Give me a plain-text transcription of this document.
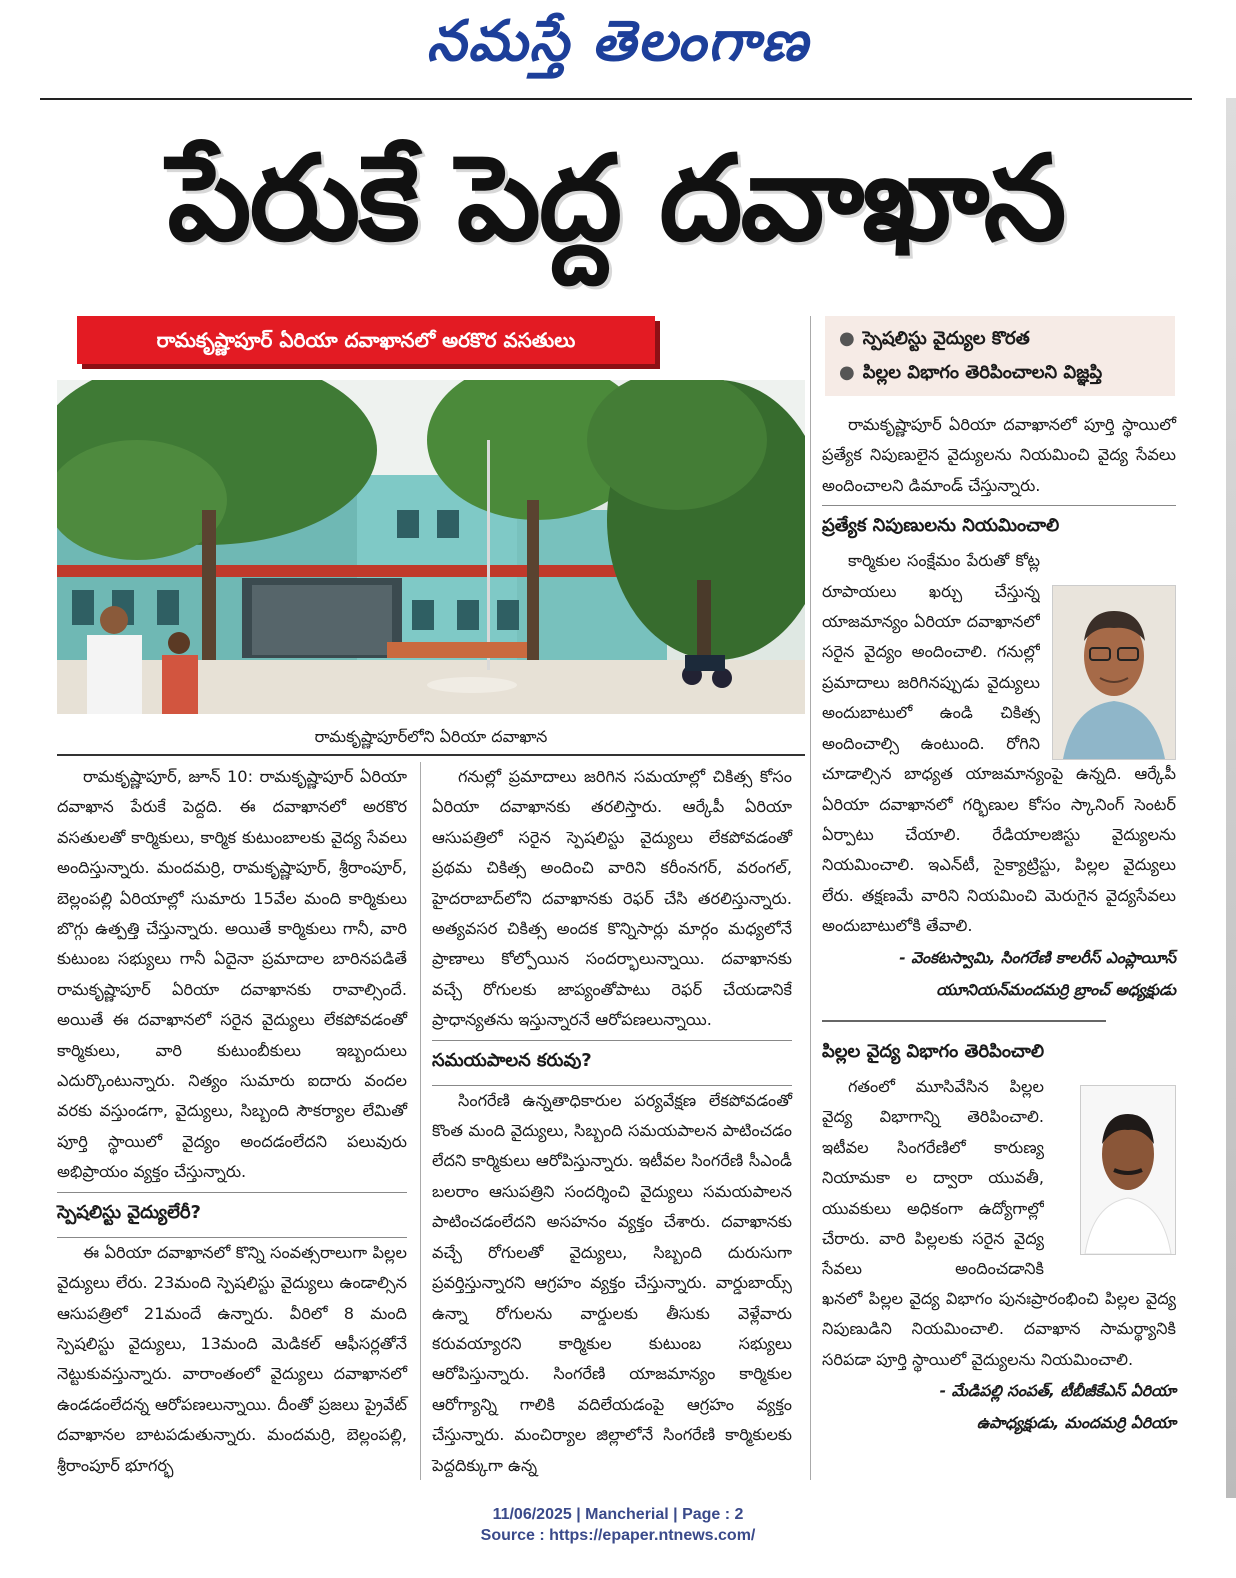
నమస్తే తెలంగాణ
పేరుకే పెద్ద దవాఖాన
రామకృష్ణాపూర్ ఏరియా దవాఖానలో అరకొర వసతులు	● స్పెషలిస్టు వైద్యుల కొరత
● పిల్లల విభాగం తెరిపించాలని విజ్ఞప్తి
రామకృష్ణాపూర్‌లోని ఏరియా దవాఖాన

రామకృష్ణాపూర్, జూన్ 10: రామకృష్ణాపూర్ ఏరియా దవాఖాన పేరుకే పెద్దది. ఈ దవాఖానలో అరకొర వసతులతో కార్మికులు, కార్మిక కుటుంబాలకు వైద్య సేవలు అందిస్తున్నారు. మందమర్రి, రామకృష్ణాపూర్, శ్రీరాంపూర్, బెల్లంపల్లి ఏరియాల్లో సుమారు 15వేల మంది కార్మికులు బొగ్గు ఉత్పత్తి చేస్తున్నారు. అయితే కార్మికులు గానీ, వారి కుటుంబ సభ్యులు గానీ ఏదైనా ప్రమాదాల బారినపడితే రామకృష్ణాపూర్ ఏరియా దవాఖానకు రావాల్సిందే. అయితే ఈ దవాఖానలో సరైన వైద్యులు లేకపోవడంతో కార్మికులు, వారి కుటుంబీకులు ఇబ్బందులు ఎదుర్కొంటున్నారు. నిత్యం సుమారు ఐదారు వందల వరకు వస్తుండగా, వైద్యులు, సిబ్బంది సౌకర్యాల లేమితో పూర్తి స్థాయిలో వైద్యం అందడంలేదని పలువురు అభిప్రాయం వ్యక్తం చేస్తున్నారు.

స్పెషలిస్టు వైద్యులేరీ?

ఈ ఏరియా దవాఖానలో కొన్ని సంవత్సరాలుగా పిల్లల వైద్యులు లేరు. 23మంది స్పెషలిస్టు వైద్యులు ఉండాల్సిన ఆసుపత్రిలో 21మందే ఉన్నారు. వీరిలో 8 మంది స్పెషలిస్టు వైద్యులు, 13మంది మెడికల్ ఆఫీసర్లతోనే నెట్టుకువస్తున్నారు. వారాంతంలో వైద్యులు దవాఖానలో ఉండడంలేదన్న ఆరోపణలున్నాయి. దీంతో ప్రజలు ప్రైవేట్ దవాఖానల బాటపడుతున్నారు. మందమర్రి, బెల్లంపల్లి, శ్రీరాంపూర్ భూగర్భ

గనుల్లో ప్రమాదాలు జరిగిన సమయాల్లో చికిత్స కోసం ఏరియా దవాఖానకు తరలిస్తారు. ఆర్కేపీ ఏరియా ఆసుపత్రిలో సరైన స్పెషలిస్టు వైద్యులు లేకపోవడంతో ప్రథమ చికిత్స అందించి వారిని కరీంనగర్, వరంగల్, హైదరాబాద్‌లోని దవాఖానకు రెఫర్ చేసి తరలిస్తున్నారు. అత్యవసర చికిత్స అందక కొన్నిసార్లు మార్గం మధ్యలోనే ప్రాణాలు కోల్పోయిన సందర్భాలున్నాయి. దవాఖానకు వచ్చే రోగులకు జాప్యంతోపాటు రెఫర్ చేయడానికే ప్రాధాన్యతను ఇస్తున్నారనే ఆరోపణలున్నాయి.

సమయపాలన కరువు?

సింగరేణి ఉన్నతాధికారుల పర్యవేక్షణ లేకపోవడంతో కొంత మంది వైద్యులు, సిబ్బంది సమయపాలన పాటించడం లేదని కార్మికులు ఆరోపిస్తున్నారు. ఇటీవల సింగరేణి సీఎండీ బలరాం ఆసుపత్రిని సందర్శించి వైద్యులు సమయపాలన పాటించడంలేదని అసహనం వ్యక్తం చేశారు. దవాఖానకు వచ్చే రోగులతో వైద్యులు, సిబ్బంది దురుసుగా ప్రవర్తిస్తున్నారని ఆగ్రహం వ్యక్తం చేస్తున్నారు. వార్డుబాయ్స్ ఉన్నా రోగులను వార్డులకు తీసుకు వెళ్లేవారు కరువయ్యారని కార్మికుల కుటుంబ సభ్యులు ఆరోపిస్తున్నారు. సింగరేణి యాజమాన్యం కార్మికుల ఆరోగ్యాన్ని గాలికి వదిలేయడంపై ఆగ్రహం వ్యక్తం చేస్తున్నారు. మంచిర్యాల జిల్లాలోనే సింగరేణి కార్మికులకు పెద్దదిక్కుగా ఉన్న

రామకృష్ణాపూర్ ఏరియా దవాఖానలో పూర్తి స్థాయిలో ప్రత్యేక నిపుణులైన వైద్యులను నియమించి వైద్య సేవలు అందించాలని డిమాండ్ చేస్తున్నారు.

ప్రత్యేక నిపుణులను నియమించాలి

కార్మికుల సంక్షేమం పేరుతో కోట్ల రూపాయలు ఖర్చు చేస్తున్న యాజమాన్యం ఏరియా దవాఖానలో సరైన వైద్యం అందించాలి. గనుల్లో ప్రమాదాలు జరిగినప్పుడు వైద్యులు అందుబాటులో ఉండి చికిత్స అందించాల్సి ఉంటుంది. రోగిని

చూడాల్సిన బాధ్యత యాజమాన్యంపై ఉన్నది. ఆర్కేపీ ఏరియా దవాఖానలో గర్భిణుల కోసం స్కానింగ్ సెంటర్ ఏర్పాటు చేయాలి. రేడియాలజిస్టు వైద్యులను నియమించాలి. ఇఎన్‌టీ, సైక్యాట్రిస్టు, పిల్లల వైద్యులు లేరు. తక్షణమే వారిని నియమించి మెరుగైన వైద్యసేవలు అందుబాటులోకి తేవాలి.

- వెంకటస్వామి, సింగరేణి కాలరీస్ ఎంప్లాయీస్

యూనియన్‌మందమర్రి బ్రాంచ్ అధ్యక్షుడు

పిల్లల వైద్య విభాగం తెరిపించాలి

గతంలో మూసివేసిన పిల్లల వైద్య విభాగాన్ని తెరిపించాలి. ఇటీవల సింగరేణిలో కారుణ్య నియామకా ల ద్వారా యువతీ, యువకులు అధికంగా ఉద్యోగాల్లో చేరారు. వారి పిల్లలకు సరైన వైద్య సేవలు అందించడానికి

ఖనలో పిల్లల వైద్య విభాగం పునఃప్రారంభించి పిల్లల వైద్య నిపుణుడిని నియమించాలి. దవాఖాన సామర్థ్యానికి సరిపడా పూర్తి స్థాయిలో వైద్యులను నియమించాలి.

- మేడిపల్లి సంపత్, టీబీజీకేఎస్ ఏరియా

ఉపాధ్యక్షుడు, మందమర్రి ఏరియా

11/06/2025 | Mancherial | Page : 2
Source : https://epaper.ntnews.com/
